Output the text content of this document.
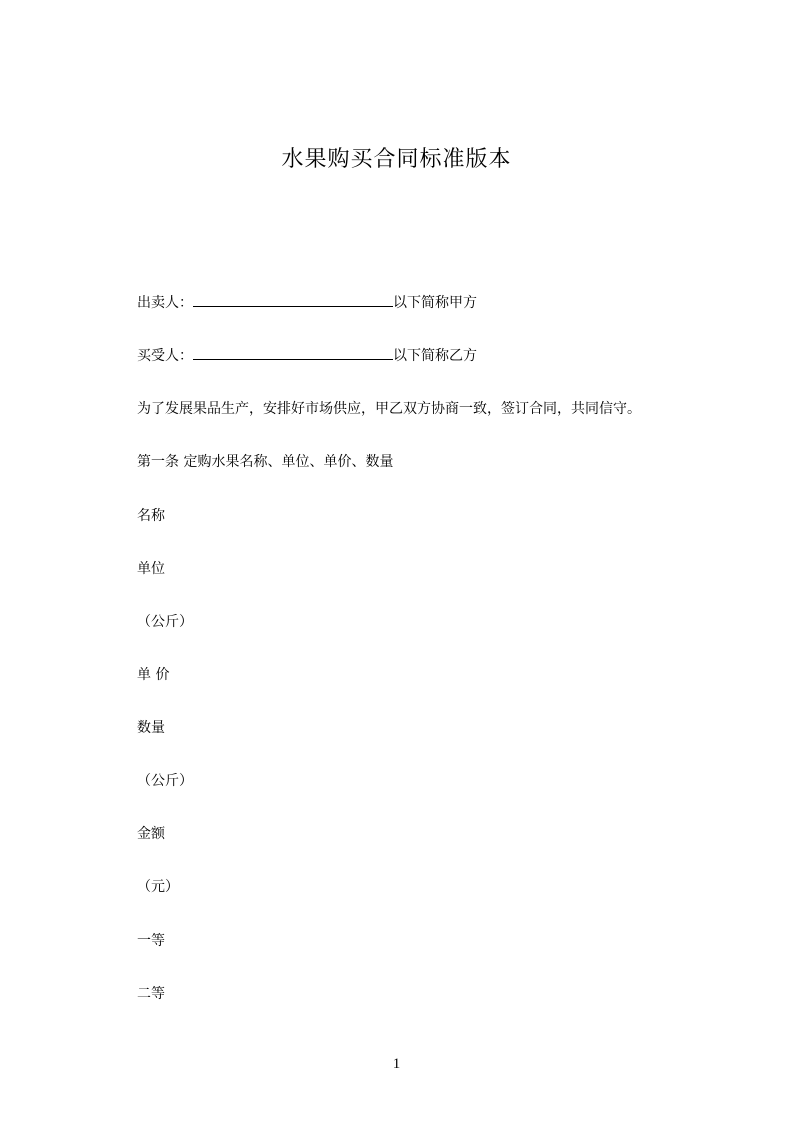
水果购买合同标准版本
出卖人：	以下简称甲方
买受人：	以下简称乙方
为了发展果品生产，安排好市场供应，甲乙双方协商一致，签订合同，共同信守。
第一条 定购水果名称、单位、单价、数量
名称
单位
（公斤）
单 价
数量
（公斤）
金额
（元）
一等
二等
1
